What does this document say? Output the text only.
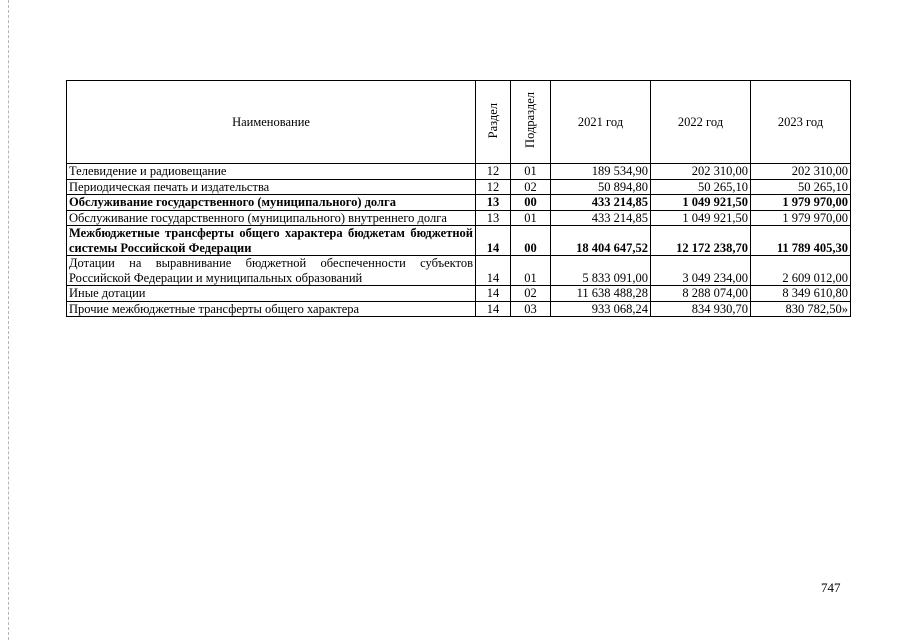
Наименование	Раздел	Подраздел	2021 год	2022 год	2023 год
Телевидение и радиовещание	12	01	189 534,90	202 310,00	202 310,00
Периодическая печать и издательства	12	02	50 894,80	50 265,10	50 265,10
Обслуживание государственного (муниципального) долга	13	00	433 214,85	1 049 921,50	1 979 970,00
Обслуживание государственного (муниципального) внутреннего долга	13	01	433 214,85	1 049 921,50	1 979 970,00
Межбюджетные трансферты общего характера бюджетам бюджетной системы Российской Федерации	14	00	18 404 647,52	12 172 238,70	11 789 405,30
Дотации на выравнивание бюджетной обеспеченности субъектов Российской Федерации и муниципальных образований	14	01	5 833 091,00	3 049 234,00	2 609 012,00
Иные дотации	14	02	11 638 488,28	8 288 074,00	8 349 610,80
Прочие межбюджетные трансферты общего характера	14	03	933 068,24	834 930,70	830 782,50»
747
